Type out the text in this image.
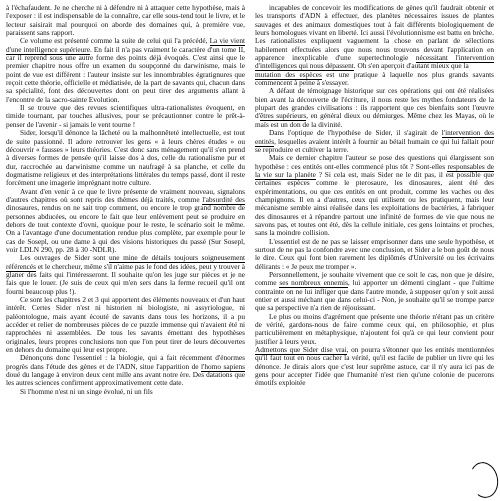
à l'échafaudent. Je ne cherche ni à défendre ni à attaquer cette hypothèse, mais à l'exposer : il est indispensable de la connaître, car elle sous-tend tout le livre, et le lecteur saisirait mal pourquoi on aborde des domaines qui, à première vue, paraissent sans rapport.

Ce volume est présenté comme la suite de celui qui l'a précédé, La vie vient d'une intelligence supérieure. En fait il n'a pas vraiment le caractère d'un tome II, car il reprend sous une autre forme des points déjà évoqués. C'est ainsi que le premier chapitre nous offre un examen du soupçonné du darwinisme, mais le point de vue est différent : l'auteur insiste sur les innombrables égratignures que reçoit cette théorie, officielle et médiatisée, de la part de savants qui, chacun dans sa spécialité, font des découvertes dont on peut tirer des arguments allant à l'encontre de la sacro-sainte Evolution.

Il se trouve que des revues scientifiques ultra-rationalistes évoquent, en timide tournant, par touches allusives, pour se précautionner contre le prêt-à-penser de l'avenir - si jamais le vent tourne !

Sider, lorsqu'il dénonce la lâcheté ou la malhonnêteté intellectuelle, est tout de suite passionné. Il adore retrouver les gens « à leurs chères études » ou découvrir « fausses » leurs théories. C'est donc sans ménagement qu'il s'en prend à diverses formes de pensée qu'il laisse dos à dos, celle du rationalisme pur et dur, raccrochée au darwinisme comme un naufragé à sa planche, et celle du dogmatisme religieux et des interprétations littérales du temps passé, dont il reste forcément une imagerie imprégnant notre culture.

Avant d'en venir à ce que le livre présente de vraiment nouveau, signalons d'autres chapitres où sont repris des thèmes déjà traités, comme l'absurdité des dinosaures, rendus on ne sait trop comment, ou encore le trop grand nombre de personnes abducées, ou encore le fait que leur enlèvement peut se produire en dehors de tout contexte d'ovni, quoique pour le reste, le scénario soit le même. On a l'avantage d'une documentation rendue plus complète, par exemple pour le cas de Sosepl, ou une dame à qui des visions historiques du passé (Sur Sosepl, voir LDLN 290, pp. 28 à 30 -NDLR).

Les ouvrages de Sider sont une mine de détails toujours soigneusement référencés et le chercheur, même s'il n'aime pas le fond des idées, peut y trouver à glaner des faits qui l'intéresseront. Il souhaite qu'on les juge sur pièces et je ne fais que le louer. (Je suis de ceux qui m'en sers dans la ferme recueil qu'il ont fourni beaucoup plus !).

Ce sont les chapitres 2 et 3 qui apportent des éléments nouveaux et d'un haut intérêt. Certes Sider n'est ni historien ni biologiste, ni assyriologue, ni paléontologue, mais ayant écouté de savants dans tous les horizons, il a pu accéder et relier de nombreuses pièces de ce puzzle immense qui n'avaient été ni rapprochées ni assemblées. De tous les savants émettant des hypothèses originales, leurs propres conclusions non que l'on peut tirer de leurs découvertes en dehors du domaine qui leur est propre.

Dénonçons donc l'essentiel : la biologie, qui a fait récemment d'énormes progrès dans l'étude des gènes et de l'ADN, situe l'apparition de l'homo sapiens doué du langage à environ deux cent mille ans avant notre ère. Des datations que les autres sciences confirment approximativement cette date.

Si l'homme n'est ni un singe évolué, ni un fils

incapables de concevoir les modifications de gènes qu'il faudrait obtenir et les transports d'ADN à effectuer, des planètes nécessaires issues de plantes sauvages et des animaux domestiques tout à fait différents biologiquement de leurs homologues vivant en liberté. Ici aussi l'évolutionnisme est battu en brèche. Les rationalistes expliquent vaguement la chose en parlant de sélections habilement effectuées alors que nous nous trouvons devant l'application en apparence inexplicable d'une supertechnologie nécessitant l'intervention d'intelligences qui nous dépassent. Oh s'en aperçoit d'autant mieux que la

mutation des espèces est une pratique à laquelle nos plus grands savants commencent à peine à s'essayer.

A défaut de témoignage historique sur ces opérations qui ont été réalisées bien avant la découverte de l'écriture, il nous reste les mythes fondateurs de la plupart des grandes civilisations : ils rapportent que ces bienfaits sont l'œuvre d'êtres supérieurs, en général dieux ou démiurges. Même chez les Mayas, où le maïs est un don de la divinité.

Dans l'optique de l'hypothèse de Sider, il s'agirait de l'intervention des entités, lesquelles avaient intérêt à fournir au bétail humain ce qui lui fallait pour se reproduire et cultiver la terre.

Mais ce dernier chapitre l'auteur se pose des questions qui élargissent son hypothèse : ces entités ont-elles commencé plus tôt ? Sont-elles responsables de la vie sur la planète ? Si cela est, mais Sider ne le dit pas, il est possible que certaines espèces comme le pterosaure, les dinosaures, aient été des expérimentations, ou que ces entités en ont produit, comme les vaches ou des champignons. Il en a d'autres, ceux qui utilisent ou les pratiquent, mais leur mécanisme semble ainsi réalisée dans les exploitations de bactéries, à fabriquer des dinosaures et à répandre partout une infinité de formes de vie que nous ne savons pas, et toutes ont été, dès la cellule initiale, ces gens lointains et proches, sans la moindre collision.

L'essentiel est de ne pas se laisser emprisonner dans une seule hypothèse, et surtout de ne pas la confondre avec une conclusion, et Sider a le bon goût de nous le dire. Ceux qui font bien rarement les diplômés d'Université ou les écrivains délirants : « Je peux me tromper ».

Personnellement, je souhaite vivement que ce soit le cas, non que je désire, comme ses nombreux ennemis, lui apporter un démenti cinglant - que l'ultime contrainte on ne lui infliger que dans l'autre monde, à supposer qu'on y soit aussi entier et aussi méchant que dans celui-ci - Non, je souhaite qu'il se trompe parce que sa perspective n'a rien de réjouissant.

Le plus ou moins d'agrément que présente une théorie n'étant pas un critère de vérité, gardons-nous de faire comme ceux qui, en philosophie, et plus particulièrement en métaphysique, n'ajoutent foi qu'à ce qui leur convient pour justifier à leurs yeux.

Admettons que Sider dise vrai, on pourra s'étonner que les entités mentionnées qu'il faut tout en nous cacher la vérité, qu'il est facile de publier un livre qui les dénonce. Je dirais alors que c'est leur suprême astuce, car il n'y aura ici pas de gens pour accepter l'idée que l'humanité n'est rien qu'une colonie de pucerons émotifs exploitée
